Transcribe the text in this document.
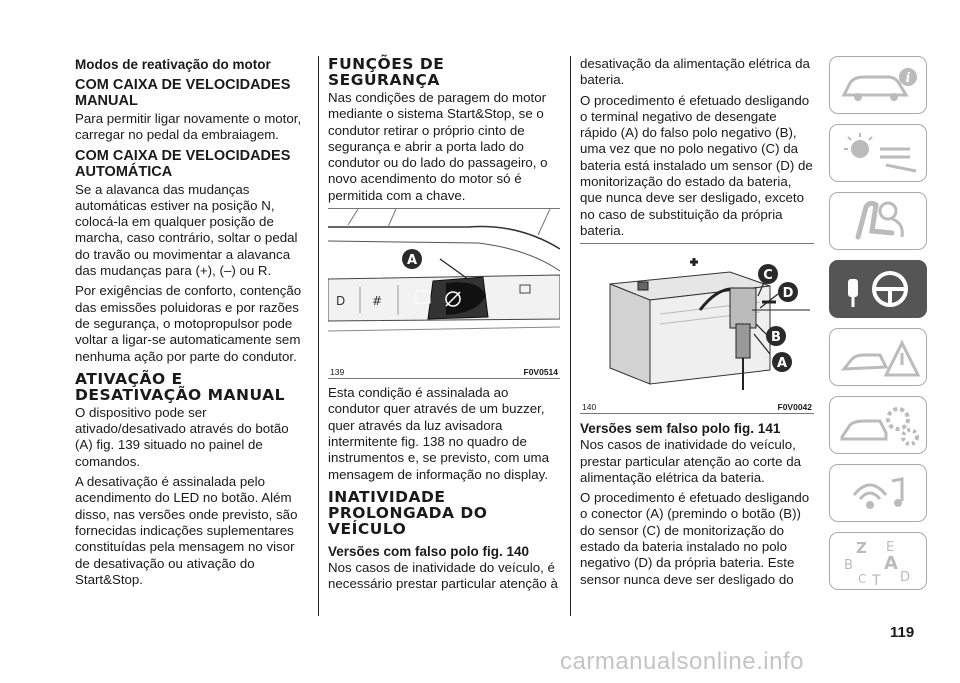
Modos de reativação do motor
COM CAIXA DE VELOCIDADES MANUAL

Para permitir ligar novamente o motor, carregar no pedal da embraiagem.

COM CAIXA DE VELOCIDADES AUTOMÁTICA

Se a alavanca das mudanças automáticas estiver na posição N, colocá-la em qualquer posição de marcha, caso contrário, soltar o pedal do travão ou movimentar a alavanca das mudanças para (+), (–) ou R.

Por exigências de conforto, contenção das emissões poluidoras e por razões de segurança, o motopropulsor pode voltar a ligar-se automaticamente sem nenhuma ação por parte do condutor.

ATIVAÇÃO E DESATIVAÇÃO MANUAL

O dispositivo pode ser ativado/desativado através do botão (A) fig. 139 situado no painel de comandos.

A desativação é assinalada pelo acendimento do LED no botão. Além disso, nas versões onde previsto, são fornecidas indicações suplementares constituídas pela mensagem no visor de desativação ou ativação do Start&Stop.

FUNÇÕES DE SEGURANÇA

Nas condições de paragem do motor mediante o sistema Start&Stop, se o condutor retirar o próprio cinto de segurança e abrir a porta lado do condutor ou do lado do passageiro, o novo acendimento do motor só é permitida com a chave.

D #
A
139	F0V0514

Esta condição é assinalada ao condutor quer através de um buzzer, quer através da luz avisadora intermitente fig. 138 no quadro de instrumentos e, se previsto, com uma mensagem de informação no display.

INATIVIDADE PROLONGADA DO VEÍCULO
Versões com falso polo fig. 140

Nos casos de inatividade do veículo, é necessário prestar particular atenção à

desativação da alimentação elétrica da bateria.

O procedimento é efetuado desligando o terminal negativo de desengate rápido (A) do falso polo negativo (B), uma vez que no polo negativo (C) da bateria está instalado um sensor (D) de monitorização do estado da bateria, que nunca deve ser desligado, exceto no caso de substituição da própria bateria.

C
D
B
A
140	F0V0042
Versões sem falso polo fig. 141

Nos casos de inatividade do veículo, prestar particular atenção ao corte da alimentação elétrica da bateria.

O procedimento é efetuado desligando o conector (A) (premindo o botão (B)) do sensor (C) de monitorização do estado da bateria instalado no polo negativo (D) da própria bateria. Este sensor nunca deve ser desligado do

i
Z E
B A
C T D
119
carmanualsonline.info
